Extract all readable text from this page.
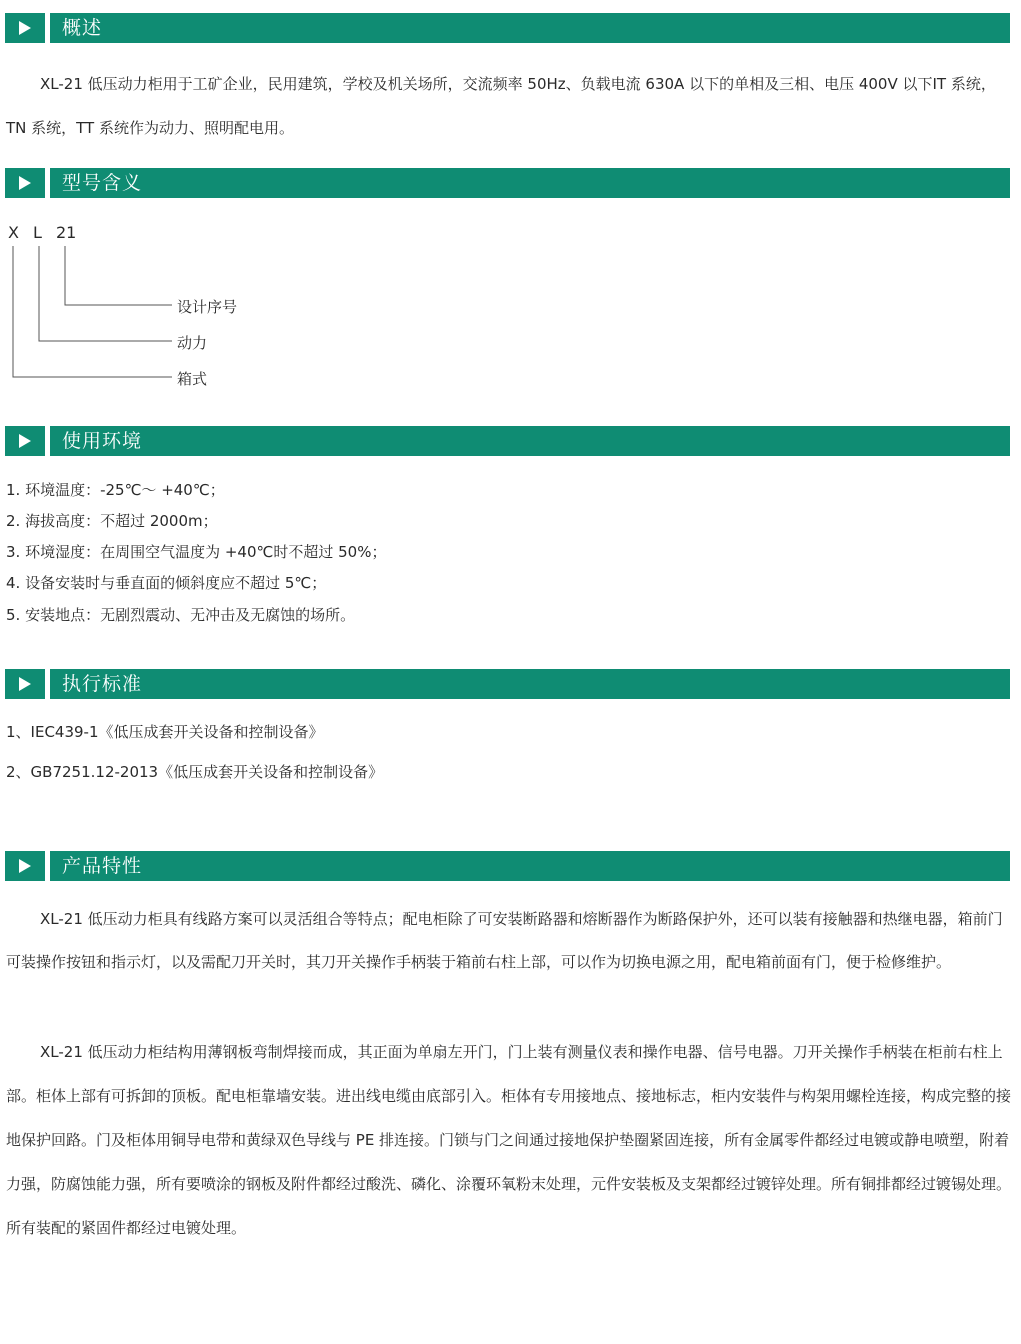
概述

XL-21 低压动力柜用于工矿企业，民用建筑，学校及机关场所，交流频率 50Hz、负载电流 630A 以下的单相及三相、电压 400V 以下IT 系统，TN 系统，TT 系统作为动力、照明配电用。

型号含义
X L 21
设计序号
动力
箱式
使用环境
1. 环境温度：-25℃～ +40℃；
2. 海拔高度：不超过 2000m；
3. 环境湿度：在周围空气温度为 +40℃时不超过 50%；
4. 设备安装时与垂直面的倾斜度应不超过 5℃；
5. 安装地点：无剧烈震动、无冲击及无腐蚀的场所。
执行标准
1、IEC439-1《低压成套开关设备和控制设备》
2、GB7251.12-2013《低压成套开关设备和控制设备》
产品特性

XL-21 低压动力柜具有线路方案可以灵活组合等特点；配电柜除了可安装断路器和熔断器作为断路保护外，还可以装有接触器和热继电器，箱前门可装操作按钮和指示灯，以及需配刀开关时，其刀开关操作手柄装于箱前右柱上部，可以作为切换电源之用，配电箱前面有门，便于检修维护。

XL-21 低压动力柜结构用薄钢板弯制焊接而成，其正面为单扇左开门，门上装有测量仪表和操作电器、信号电器。刀开关操作手柄装在柜前右柱上部。柜体上部有可拆卸的顶板。配电柜靠墙安装。进出线电缆由底部引入。柜体有专用接地点、接地标志，柜内安装件与构架用螺栓连接，构成完整的接地保护回路。门及柜体用铜导电带和黄绿双色导线与 PE 排连接。门锁与门之间通过接地保护垫圈紧固连接，所有金属零件都经过电镀或静电喷塑，附着力强，防腐蚀能力强，所有要喷涂的钢板及附件都经过酸洗、磷化、涂覆环氧粉末处理，元件安装板及支架都经过镀锌处理。所有铜排都经过镀锡处理。所有装配的紧固件都经过电镀处理。
